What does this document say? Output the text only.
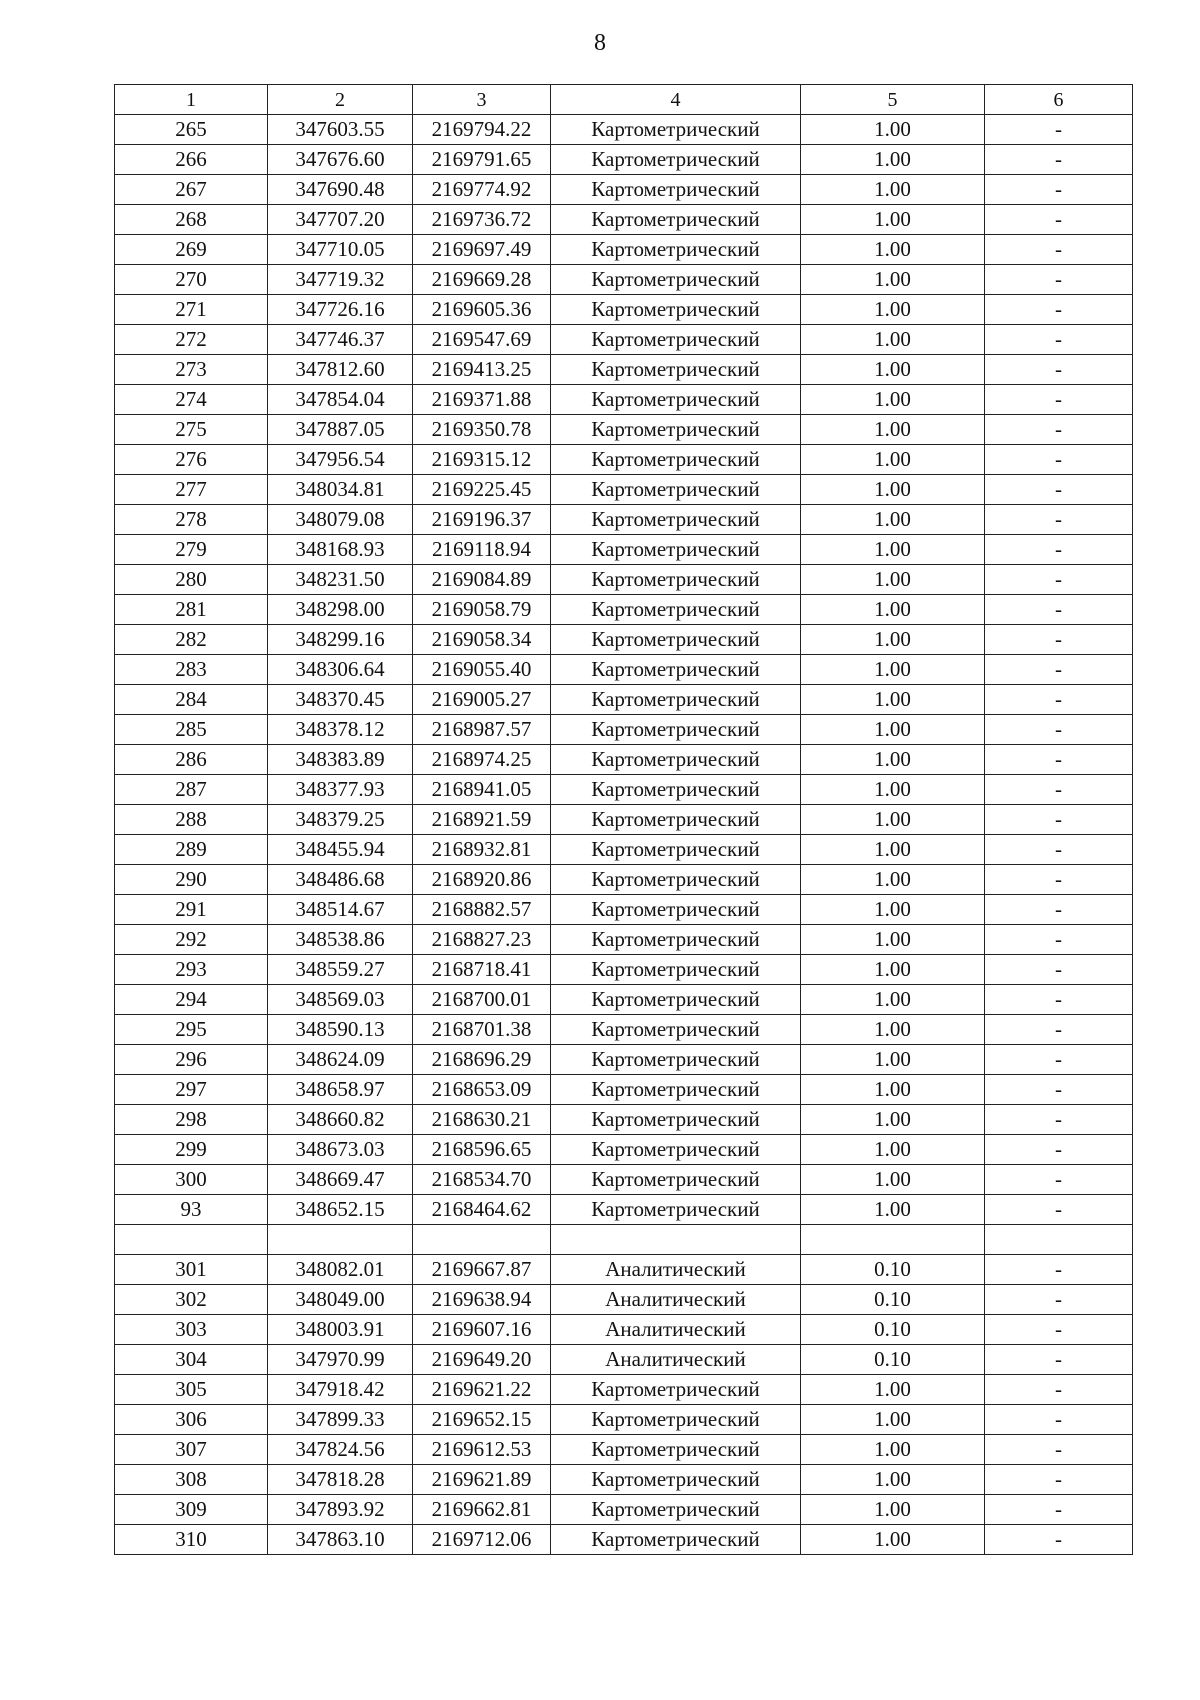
8
1	2	3	4	5	6
265	347603.55	2169794.22	Картометрический	1.00	-
266	347676.60	2169791.65	Картометрический	1.00	-
267	347690.48	2169774.92	Картометрический	1.00	-
268	347707.20	2169736.72	Картометрический	1.00	-
269	347710.05	2169697.49	Картометрический	1.00	-
270	347719.32	2169669.28	Картометрический	1.00	-
271	347726.16	2169605.36	Картометрический	1.00	-
272	347746.37	2169547.69	Картометрический	1.00	-
273	347812.60	2169413.25	Картометрический	1.00	-
274	347854.04	2169371.88	Картометрический	1.00	-
275	347887.05	2169350.78	Картометрический	1.00	-
276	347956.54	2169315.12	Картометрический	1.00	-
277	348034.81	2169225.45	Картометрический	1.00	-
278	348079.08	2169196.37	Картометрический	1.00	-
279	348168.93	2169118.94	Картометрический	1.00	-
280	348231.50	2169084.89	Картометрический	1.00	-
281	348298.00	2169058.79	Картометрический	1.00	-
282	348299.16	2169058.34	Картометрический	1.00	-
283	348306.64	2169055.40	Картометрический	1.00	-
284	348370.45	2169005.27	Картометрический	1.00	-
285	348378.12	2168987.57	Картометрический	1.00	-
286	348383.89	2168974.25	Картометрический	1.00	-
287	348377.93	2168941.05	Картометрический	1.00	-
288	348379.25	2168921.59	Картометрический	1.00	-
289	348455.94	2168932.81	Картометрический	1.00	-
290	348486.68	2168920.86	Картометрический	1.00	-
291	348514.67	2168882.57	Картометрический	1.00	-
292	348538.86	2168827.23	Картометрический	1.00	-
293	348559.27	2168718.41	Картометрический	1.00	-
294	348569.03	2168700.01	Картометрический	1.00	-
295	348590.13	2168701.38	Картометрический	1.00	-
296	348624.09	2168696.29	Картометрический	1.00	-
297	348658.97	2168653.09	Картометрический	1.00	-
298	348660.82	2168630.21	Картометрический	1.00	-
299	348673.03	2168596.65	Картометрический	1.00	-
300	348669.47	2168534.70	Картометрический	1.00	-
93	348652.15	2168464.62	Картометрический	1.00	-

301	348082.01	2169667.87	Аналитический	0.10	-
302	348049.00	2169638.94	Аналитический	0.10	-
303	348003.91	2169607.16	Аналитический	0.10	-
304	347970.99	2169649.20	Аналитический	0.10	-
305	347918.42	2169621.22	Картометрический	1.00	-
306	347899.33	2169652.15	Картометрический	1.00	-
307	347824.56	2169612.53	Картометрический	1.00	-
308	347818.28	2169621.89	Картометрический	1.00	-
309	347893.92	2169662.81	Картометрический	1.00	-
310	347863.10	2169712.06	Картометрический	1.00	-
